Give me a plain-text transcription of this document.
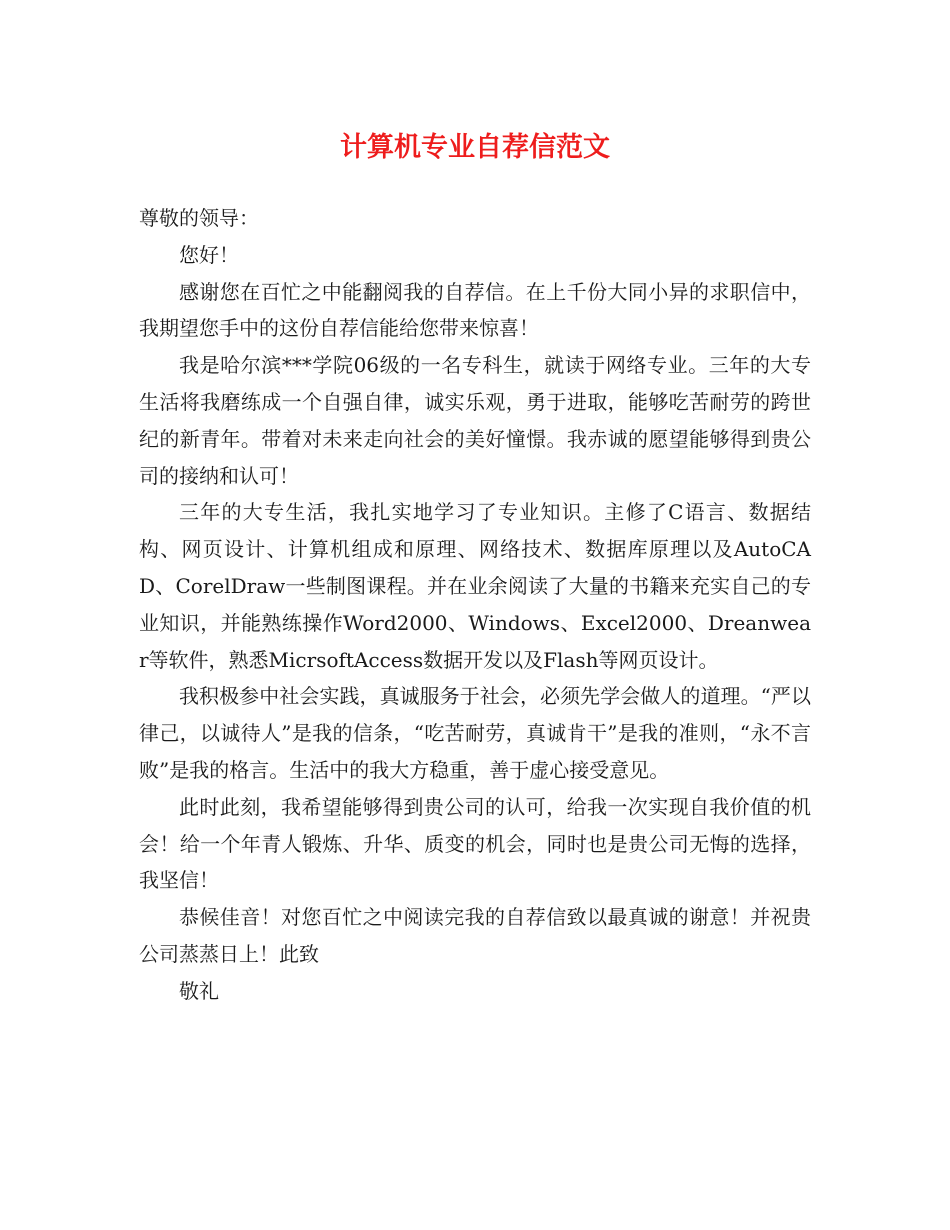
计算机专业自荐信范文

尊敬的领导：

您好！

感谢您在百忙之中能翻阅我的自荐信。在上千份大同小异的求职信中，我期望您手中的这份自荐信能给您带来惊喜！

我是哈尔滨***学院06级的一名专科生，就读于网络专业。三年的大专生活将我磨练成一个自强自律，诚实乐观，勇于进取，能够吃苦耐劳的跨世纪的新青年。带着对未来走向社会的美好憧憬。我赤诚的愿望能够得到贵公司的接纳和认可！

三年的大专生活，我扎实地学习了专业知识。主修了C语言、数据结构、网页设计、计算机组成和原理、网络技术、数据库原理以及AutoCAD、CorelDraw一些制图课程。并在业余阅读了大量的书籍来充实自己的专业知识，并能熟练操作Word2000、Windows、Excel2000、Dreanwear等软件，熟悉MicrsoftAccess数据开发以及Flash等网页设计。

我积极参中社会实践，真诚服务于社会，必须先学会做人的道理。“严以律己，以诚待人”是我的信条，“吃苦耐劳，真诚肯干”是我的准则，“永不言败”是我的格言。生活中的我大方稳重，善于虚心接受意见。

此时此刻，我希望能够得到贵公司的认可，给我一次实现自我价值的机会！给一个年青人锻炼、升华、质变的机会，同时也是贵公司无悔的选择，我坚信！

恭候佳音！对您百忙之中阅读完我的自荐信致以最真诚的谢意！并祝贵公司蒸蒸日上！此致

敬礼
